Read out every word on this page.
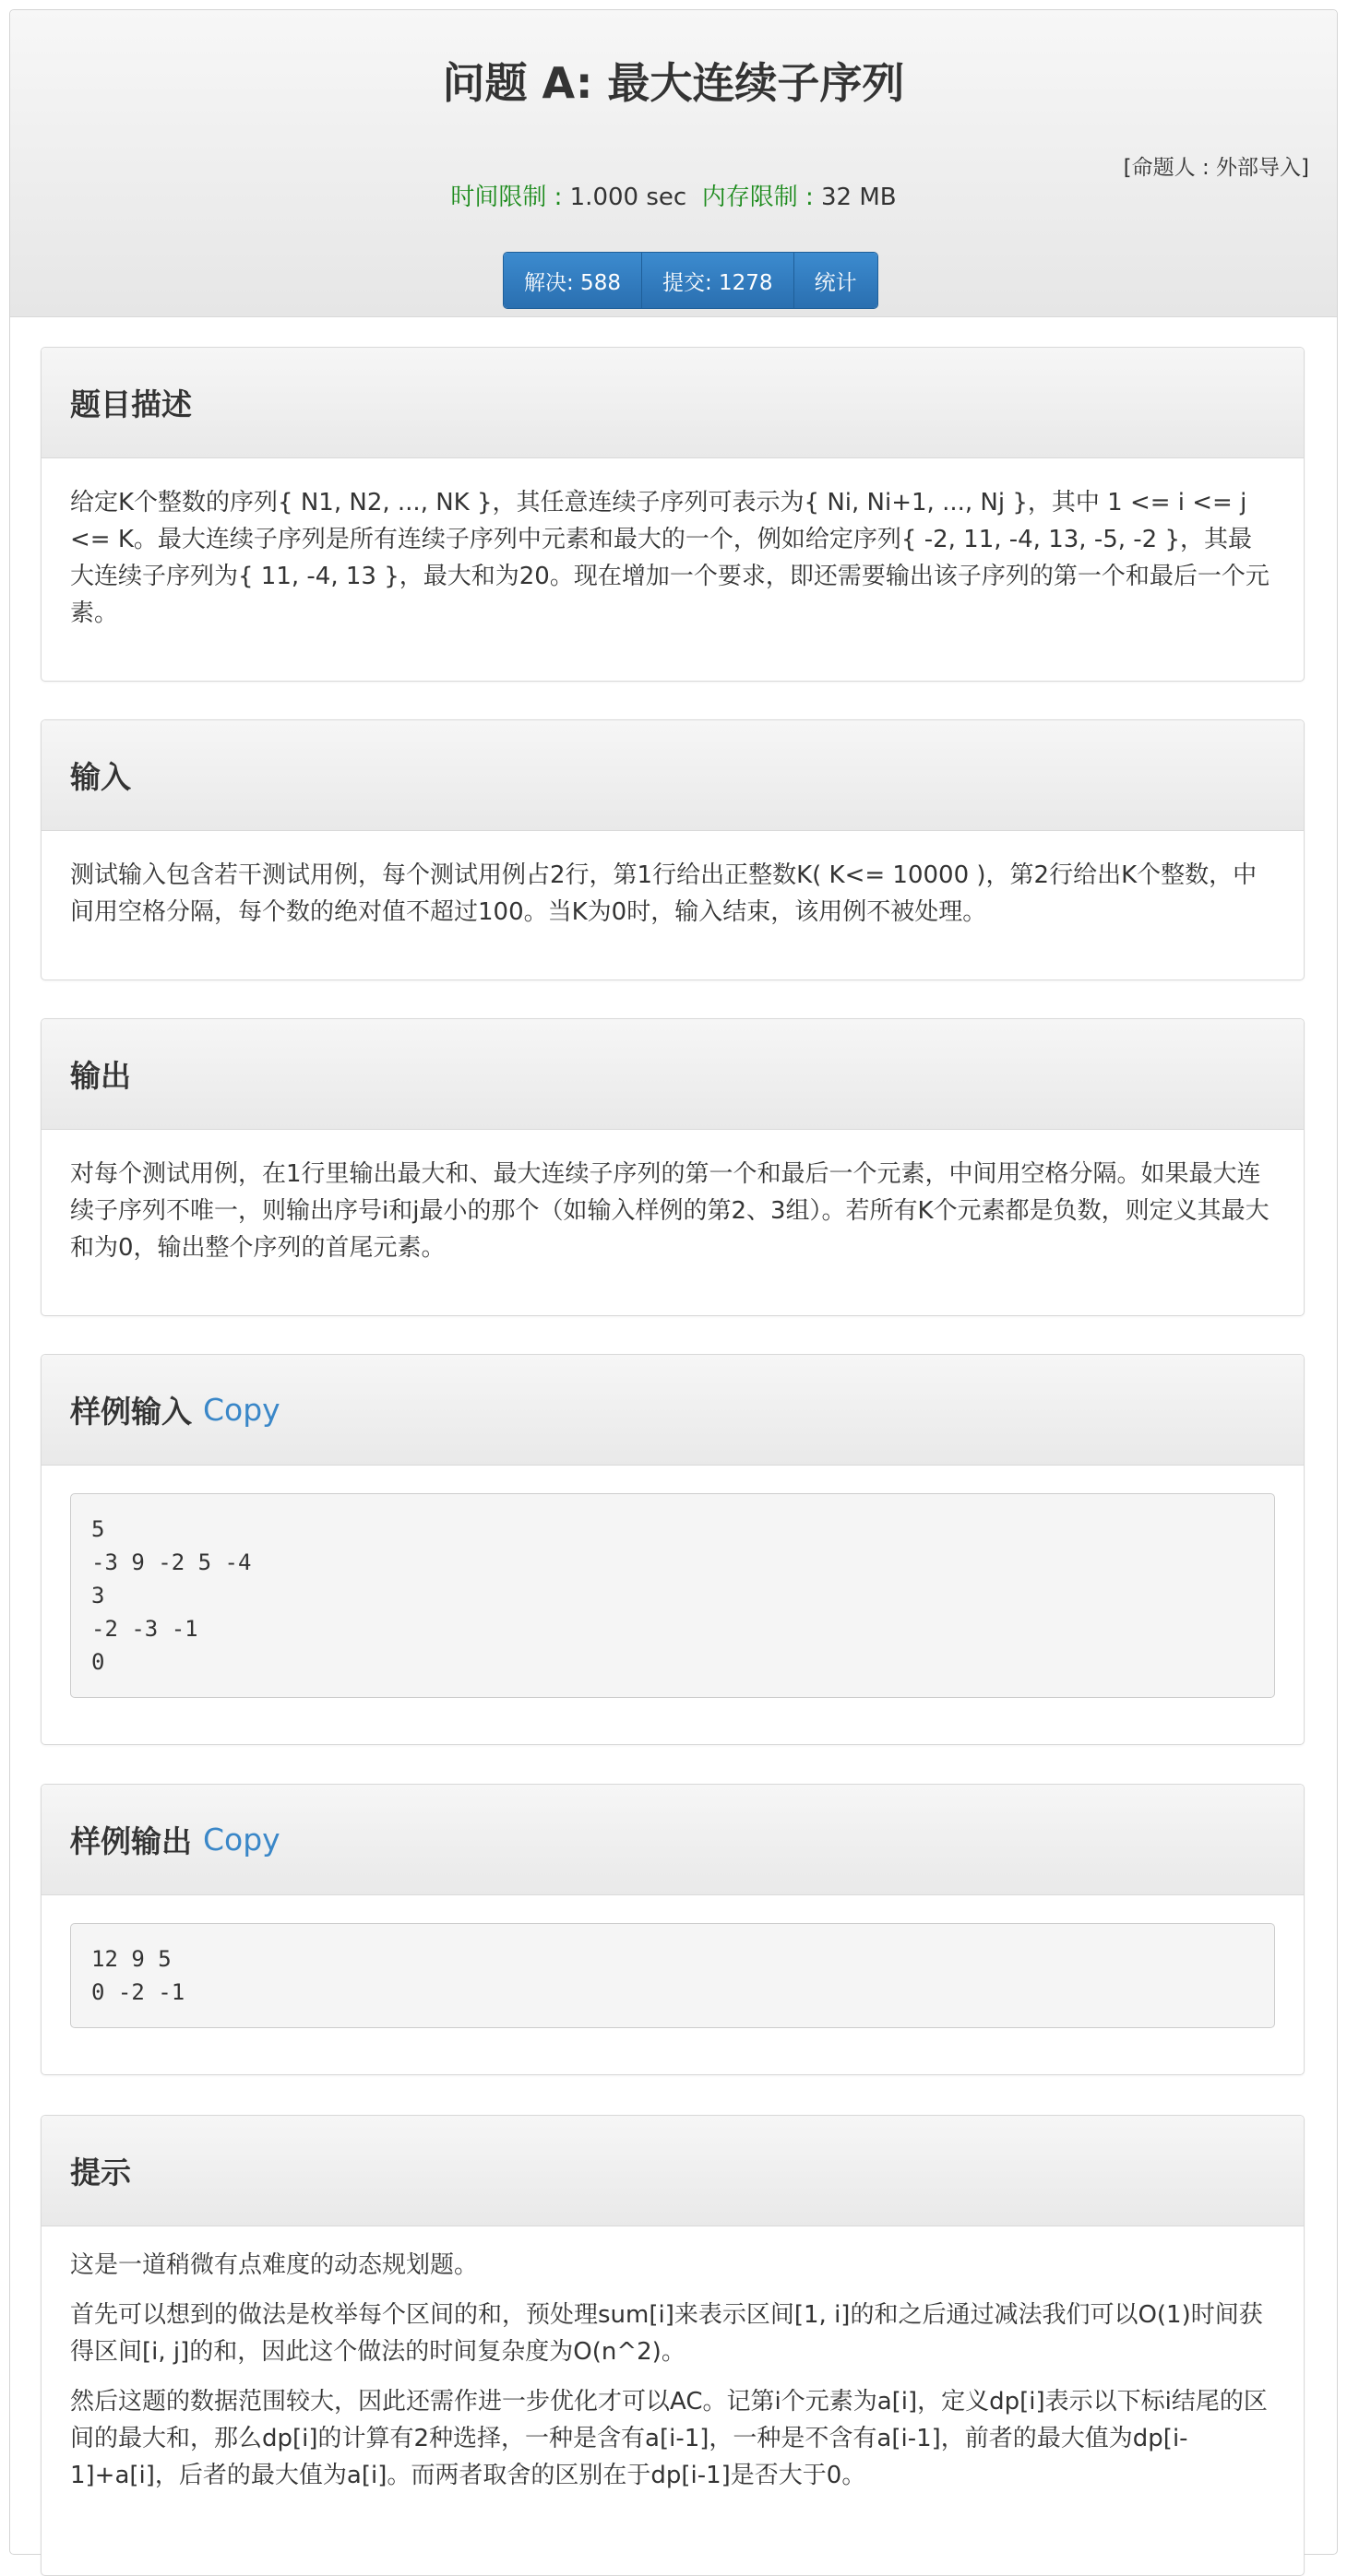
问题 A: 最大连续子序列
[命题人 : 外部导入]
时间限制 : 1.000 sec 内存限制 : 32 MB
解决: 588	提交: 1278	统计
题目描述

给定K个整数的序列{ N1, N2, ..., NK }，其任意连续子序列可表示为{ Ni, Ni+1, ..., Nj }，其中 1 <= i <= j <= K。最大连续子序列是所有连续子序列中元素和最大的一个，例如给定序列{ -2, 11, -4, 13, -5, -2 }，其最大连续子序列为{ 11, -4, 13 }，最大和为20。现在增加一个要求，即还需要输出该子序列的第一个和最后一个元素。

输入

测试输入包含若干测试用例，每个测试用例占2行，第1行给出正整数K( K<= 10000 )，第2行给出K个整数，中间用空格分隔，每个数的绝对值不超过100。当K为0时，输入结束，该用例不被处理。

输出

对每个测试用例，在1行里输出最大和、最大连续子序列的第一个和最后一个元素，中间用空格分隔。如果最大连续子序列不唯一，则输出序号i和j最小的那个（如输入样例的第2、3组）。若所有K个元素都是负数，则定义其最大和为0，输出整个序列的首尾元素。

样例输入 Copy
5
-3 9 -2 5 -4
3
-2 -3 -1
0
样例输出 Copy
12 9 5
0 -2 -1
提示

这是一道稍微有点难度的动态规划题。

首先可以想到的做法是枚举每个区间的和，预处理sum[i]来表示区间[1, i]的和之后通过减法我们可以O(1)时间获得区间[i, j]的和，因此这个做法的时间复杂度为O(n^2)。

然后这题的数据范围较大，因此还需作进一步优化才可以AC。记第i个元素为a[i]，定义dp[i]表示以下标i结尾的区间的最大和，那么dp[i]的计算有2种选择，一种是含有a[i-1]，一种是不含有a[i-1]，前者的最大值为dp[i-1]+a[i]，后者的最大值为a[i]。而两者取舍的区别在于dp[i-1]是否大于0。
